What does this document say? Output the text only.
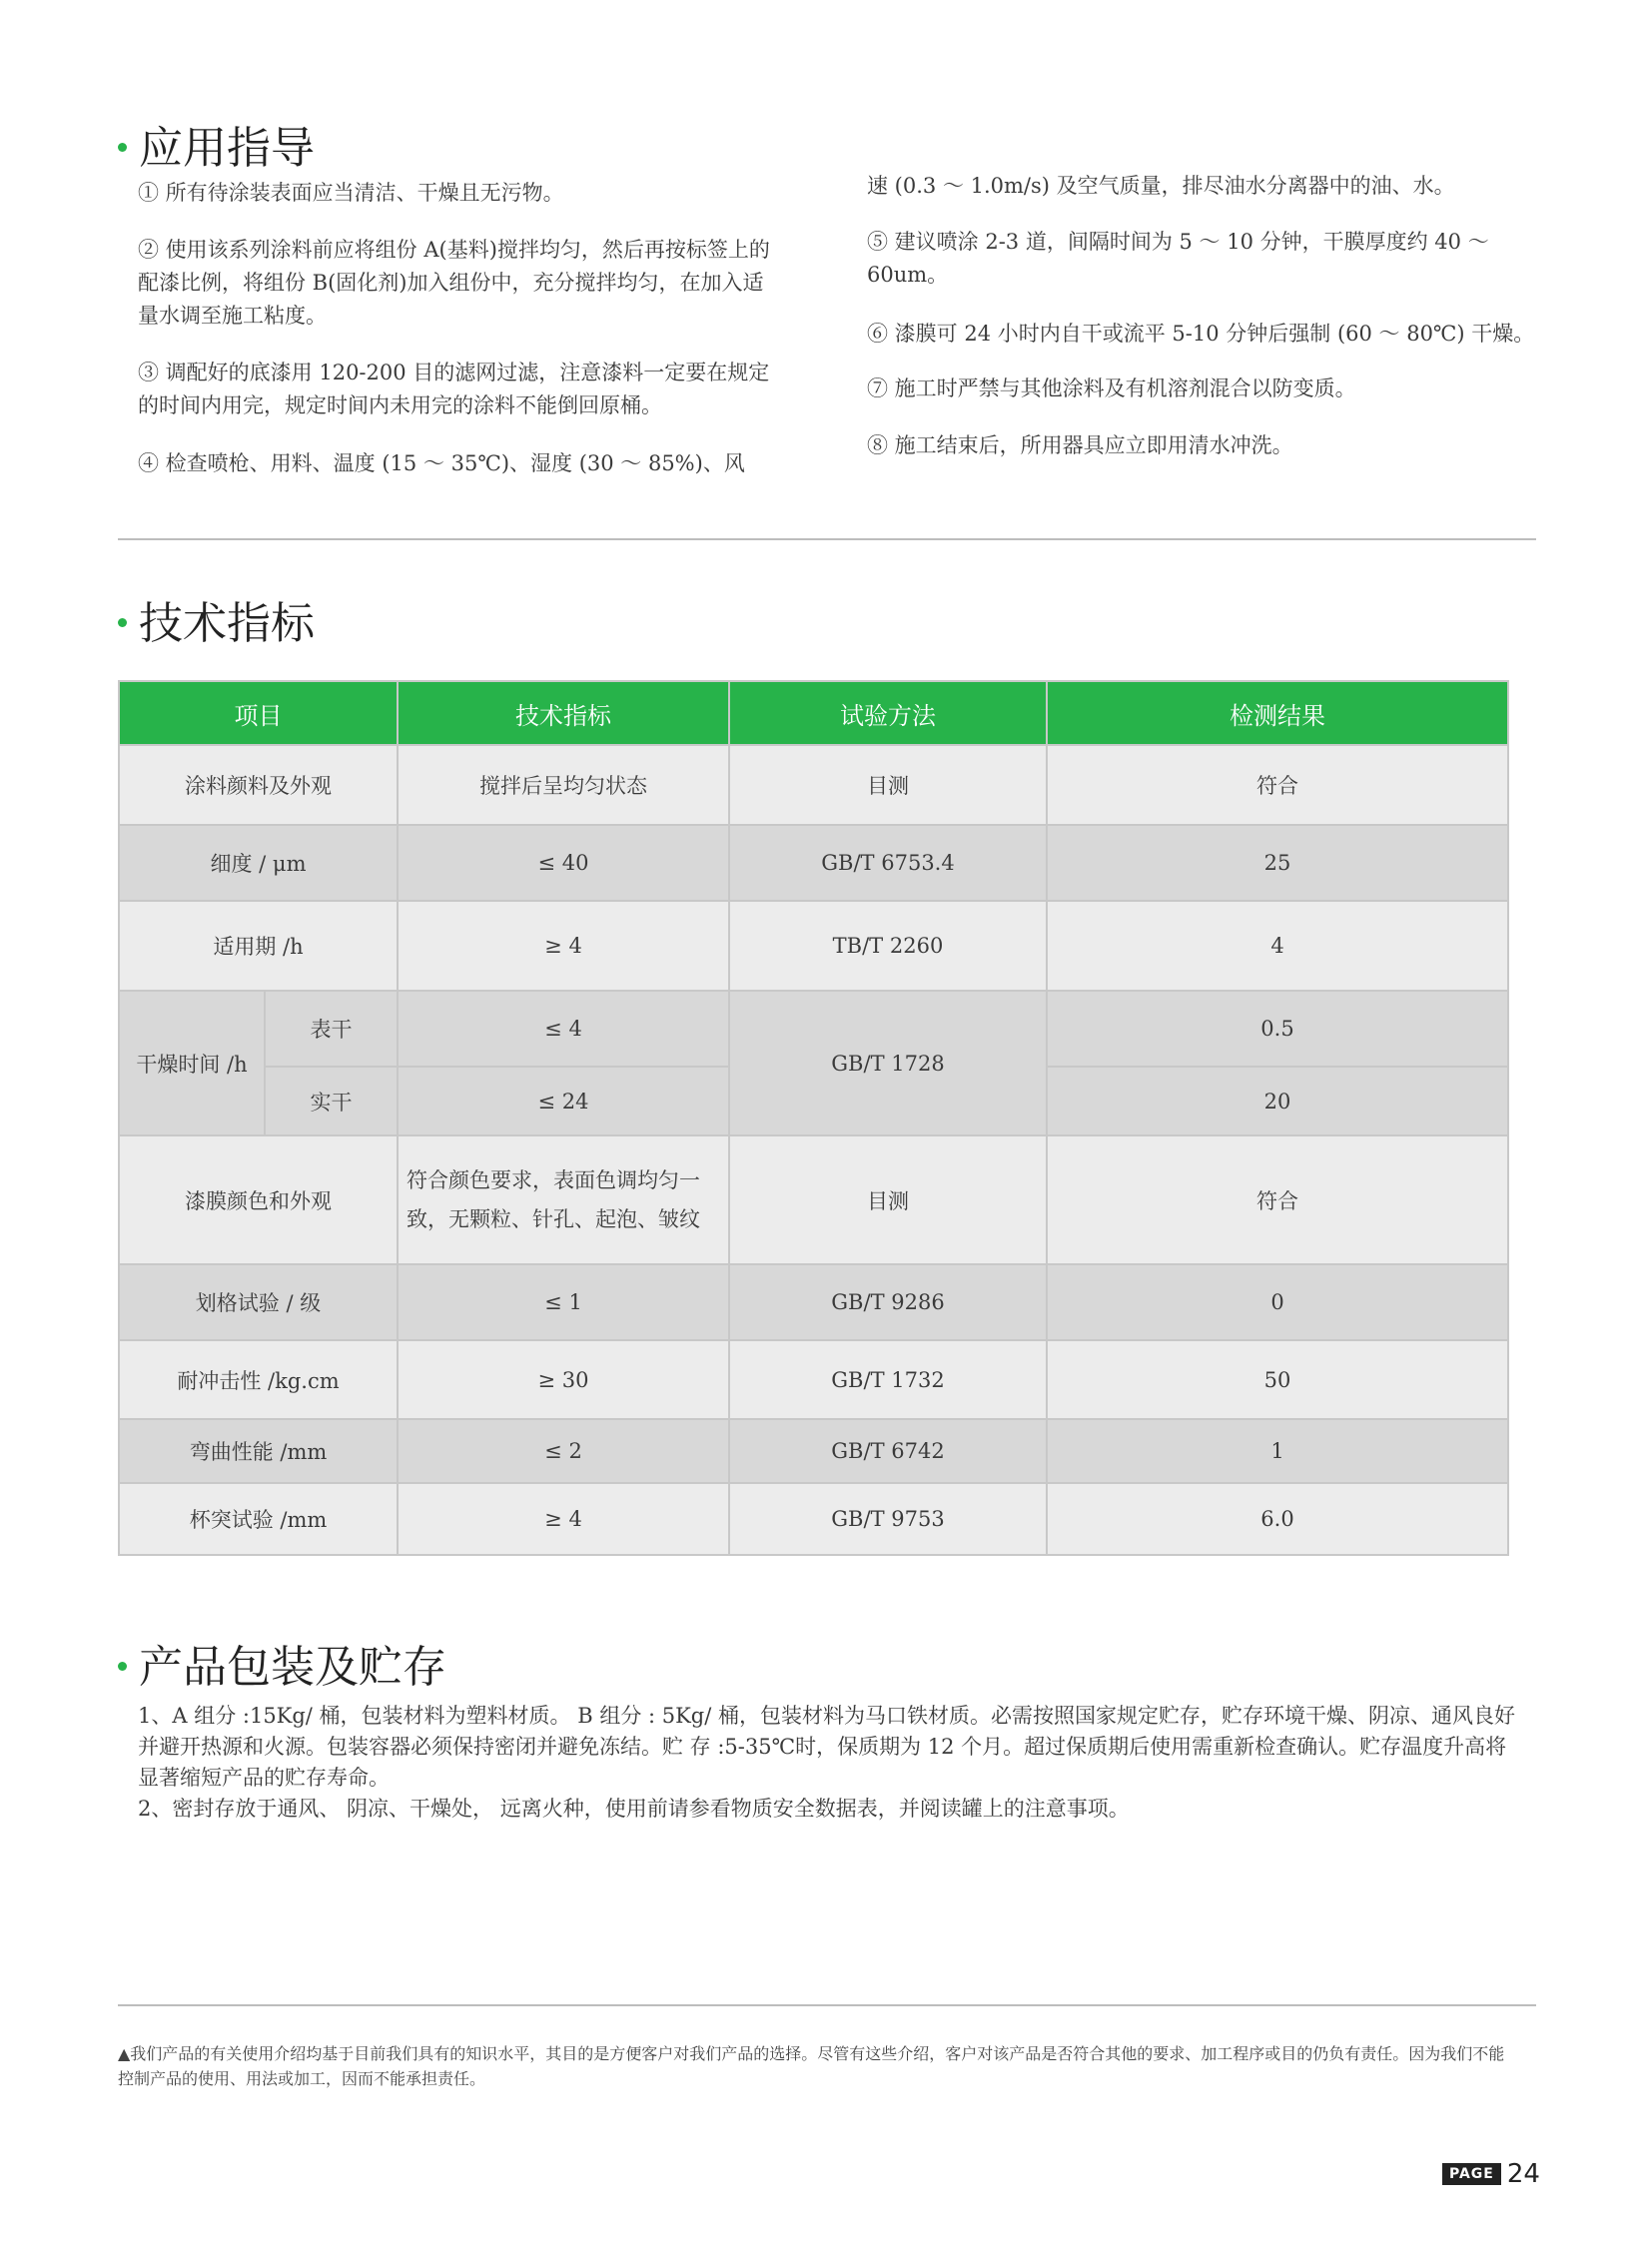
应用指导
① 所有待涂装表面应当清洁、干燥且无污物。
② 使用该系列涂料前应将组份 A(基料)搅拌均匀，然后再按标签上的配漆比例，将组份 B(固化剂)加入组份中，充分搅拌均匀，在加入适量水调至施工粘度。
③ 调配好的底漆用 120-200 目的滤网过滤，注意漆料一定要在规定的时间内用完，规定时间内未用完的涂料不能倒回原桶。
④ 检查喷枪、用料、温度 (15 ～ 35℃)、湿度 (30 ～ 85%)、风
速 (0.3 ～ 1.0m/s) 及空气质量，排尽油水分离器中的油、水。
⑤ 建议喷涂 2-3 道，间隔时间为 5 ～ 10 分钟，干膜厚度约 40 ～ 60um。
⑥ 漆膜可 24 小时内自干或流平 5-10 分钟后强制 (60 ～ 80℃) 干燥。
⑦ 施工时严禁与其他涂料及有机溶剂混合以防变质。
⑧ 施工结束后，所用器具应立即用清水冲洗。
技术指标
项目		技术指标	试验方法	检测结果
涂料颜料及外观		搅拌后呈均匀状态	目测	符合
细度 / μm		≤ 40	GB/T 6753.4	25
适用期 /h		≥ 4	TB/T 2260	4
干燥时间 /h	表干	≤ 4	GB/T 1728	0.5
	实干	≤ 24		20
漆膜颜色和外观		符合颜色要求，表面色调均匀一致，无颗粒、针孔、起泡、皱纹	目测	符合
划格试验 / 级		≤ 1	GB/T 9286	0
耐冲击性 /kg.cm		≥ 30	GB/T 1732	50
弯曲性能 /mm		≤ 2	GB/T 6742	1
杯突试验 /mm		≥ 4	GB/T 9753	6.0
产品包装及贮存
1、A 组分 :15Kg/ 桶，包装材料为塑料材质。 B 组分 : 5Kg/ 桶，包装材料为马口铁材质。必需按照国家规定贮存，贮存环境干燥、阴凉、通风良好并避开热源和火源。包装容器必须保持密闭并避免冻结。贮 存 :5-35℃时，保质期为 12 个月。超过保质期后使用需重新检查确认。贮存温度升高将显著缩短产品的贮存寿命。
2、密封存放于通风、 阴凉、干燥处， 远离火种，使用前请参看物质安全数据表，并阅读罐上的注意事项。
▲我们产品的有关使用介绍均基于目前我们具有的知识水平，其目的是方便客户对我们产品的选择。尽管有这些介绍，客户对该产品是否符合其他的要求、加工程序或目的仍负有责任。因为我们不能控制产品的使用、用法或加工，因而不能承担责任。
PAGE 24
